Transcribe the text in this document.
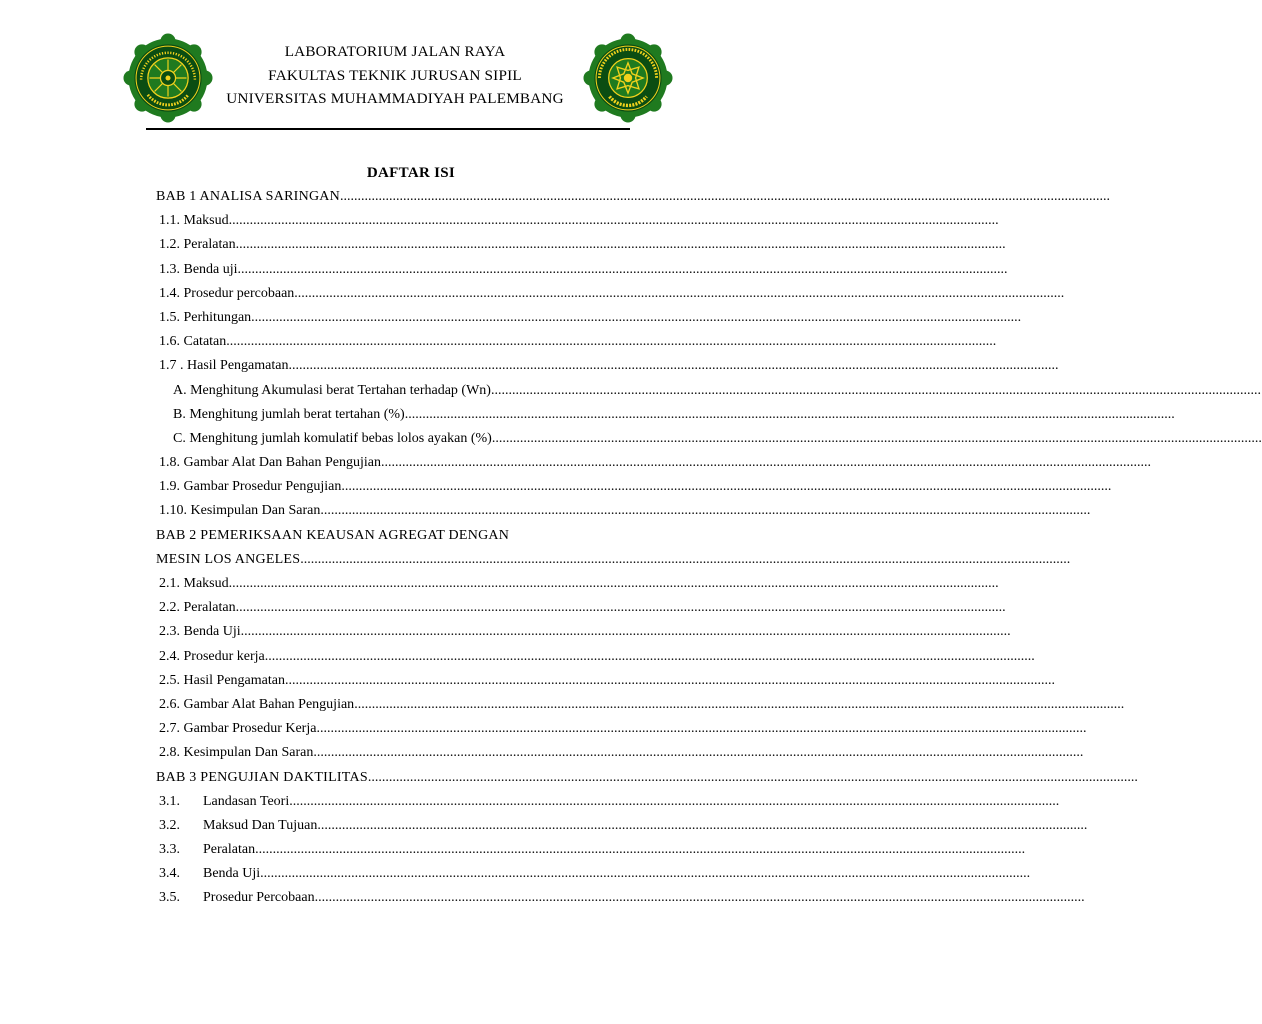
LABORATORIUM JALAN RAYA
FAKULTAS TEKNIK JURUSAN SIPIL
UNIVERSITAS MUHAMMADIYAH PALEMBANG
DAFTAR ISI
BAB 1 ANALISA SARINGAN ............................................................................................................................................................................................................................
1.1. Maksud ............................................................................................................................................................................................................................
1.2. Peralatan ............................................................................................................................................................................................................................
1.3. Benda uji ............................................................................................................................................................................................................................
1.4. Prosedur percobaan ............................................................................................................................................................................................................................
1.5. Perhitungan ............................................................................................................................................................................................................................
1.6. Catatan ............................................................................................................................................................................................................................
1.7 . Hasil Pengamatan ............................................................................................................................................................................................................................
A. Menghitung Akumulasi berat Tertahan terhadap (Wn) ............................................................................................................................................................................................................................
B. Menghitung jumlah berat tertahan (%) ............................................................................................................................................................................................................................
C. Menghitung jumlah komulatif bebas lolos ayakan (%) ............................................................................................................................................................................................................................
1.8. Gambar Alat Dan Bahan Pengujian ............................................................................................................................................................................................................................
1.9. Gambar Prosedur Pengujian ............................................................................................................................................................................................................................
1.10. Kesimpulan Dan Saran ............................................................................................................................................................................................................................
BAB 2 PEMERIKSAAN KEAUSAN AGREGAT DENGAN
MESIN LOS ANGELES ............................................................................................................................................................................................................................
2.1. Maksud ............................................................................................................................................................................................................................
2.2. Peralatan ............................................................................................................................................................................................................................
2.3. Benda Uji ............................................................................................................................................................................................................................
2.4. Prosedur kerja ............................................................................................................................................................................................................................
2.5. Hasil Pengamatan ............................................................................................................................................................................................................................
2.6. Gambar Alat Bahan Pengujian ............................................................................................................................................................................................................................
2.7. Gambar Prosedur Kerja ............................................................................................................................................................................................................................
2.8. Kesimpulan Dan Saran ............................................................................................................................................................................................................................
BAB 3 PENGUJIAN DAKTILITAS ............................................................................................................................................................................................................................
3.1. Landasan Teori ............................................................................................................................................................................................................................
3.2. Maksud Dan Tujuan ............................................................................................................................................................................................................................
3.3. Peralatan ............................................................................................................................................................................................................................
3.4. Benda Uji ............................................................................................................................................................................................................................
3.5. Prosedur Percobaan ............................................................................................................................................................................................................................
